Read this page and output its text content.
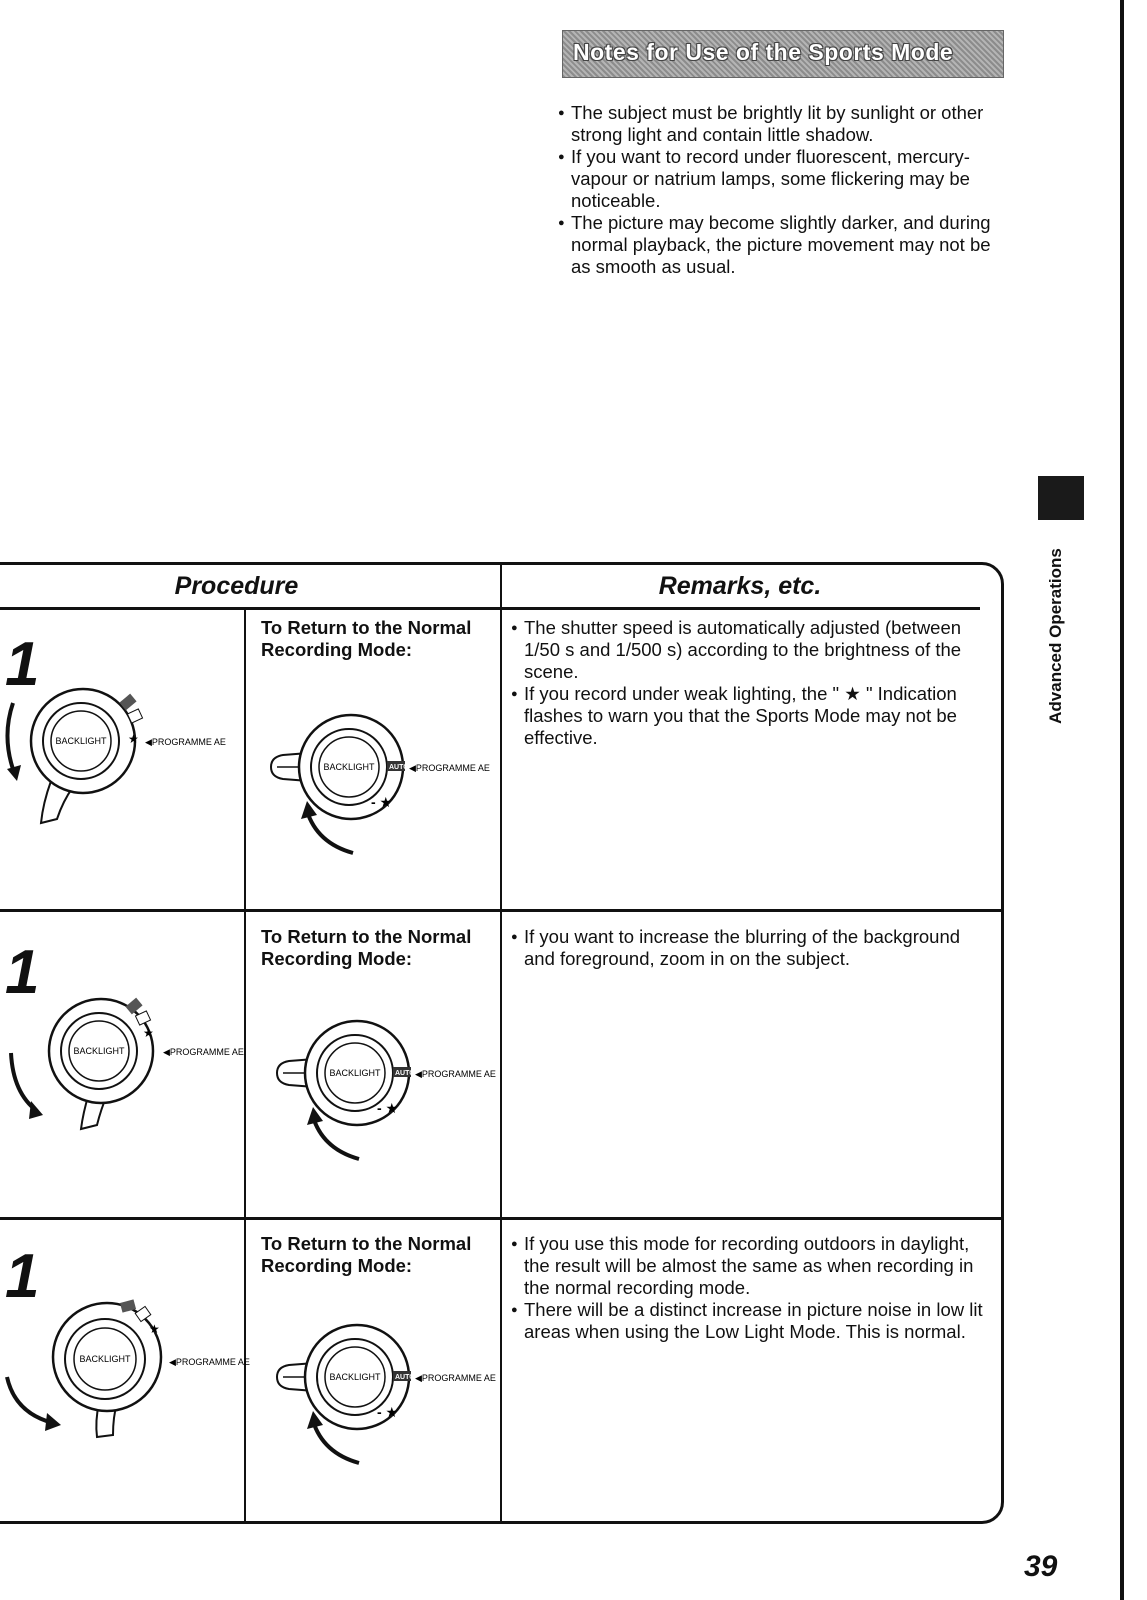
Notes for Use of the Sports Mode
● The subject must be brightly lit by sunlight or other strong light and contain little shadow.
● If you want to record under fluorescent, mercury-vapour or natrium lamps, some flickering may be noticeable.
● The picture may become slightly darker, and during normal playback, the picture movement may not be as smooth as usual.
Advanced Operations
Procedure	Remarks, etc.
1
To Return to the Normal Recording Mode:
● The shutter speed is automatically adjusted (between 1/50 s and 1/500 s) according to the brightness of the scene.
● If you record under weak lighting, the " ★ " Indication flashes to warn you that the Sports Mode may not be effective.
1
To Return to the Normal Recording Mode:
● If you want to increase the blurring of the background and foreground, zoom in on the subject.
1	To Return to the Normal Recording Mode:
● If you use this mode for recording outdoors in daylight, the result will be almost the same as when recording in the normal recording mode.
● There will be a distinct increase in picture noise in low lit areas when using the Low Light Mode. This is normal.
BACKLIGHT ★ ◀PROGRAMME AE
BACKLIGHT
★
◀PROGRAMME AE
BACKLIGHT
★
◀PROGRAMME AE
BACKLIGHT AUTO
- ★
◀PROGRAMME AE
BACKLIGHT AUTO
- ★
◀PROGRAMME AE
BACKLIGHT AUTO
- ★
◀PROGRAMME AE
39
